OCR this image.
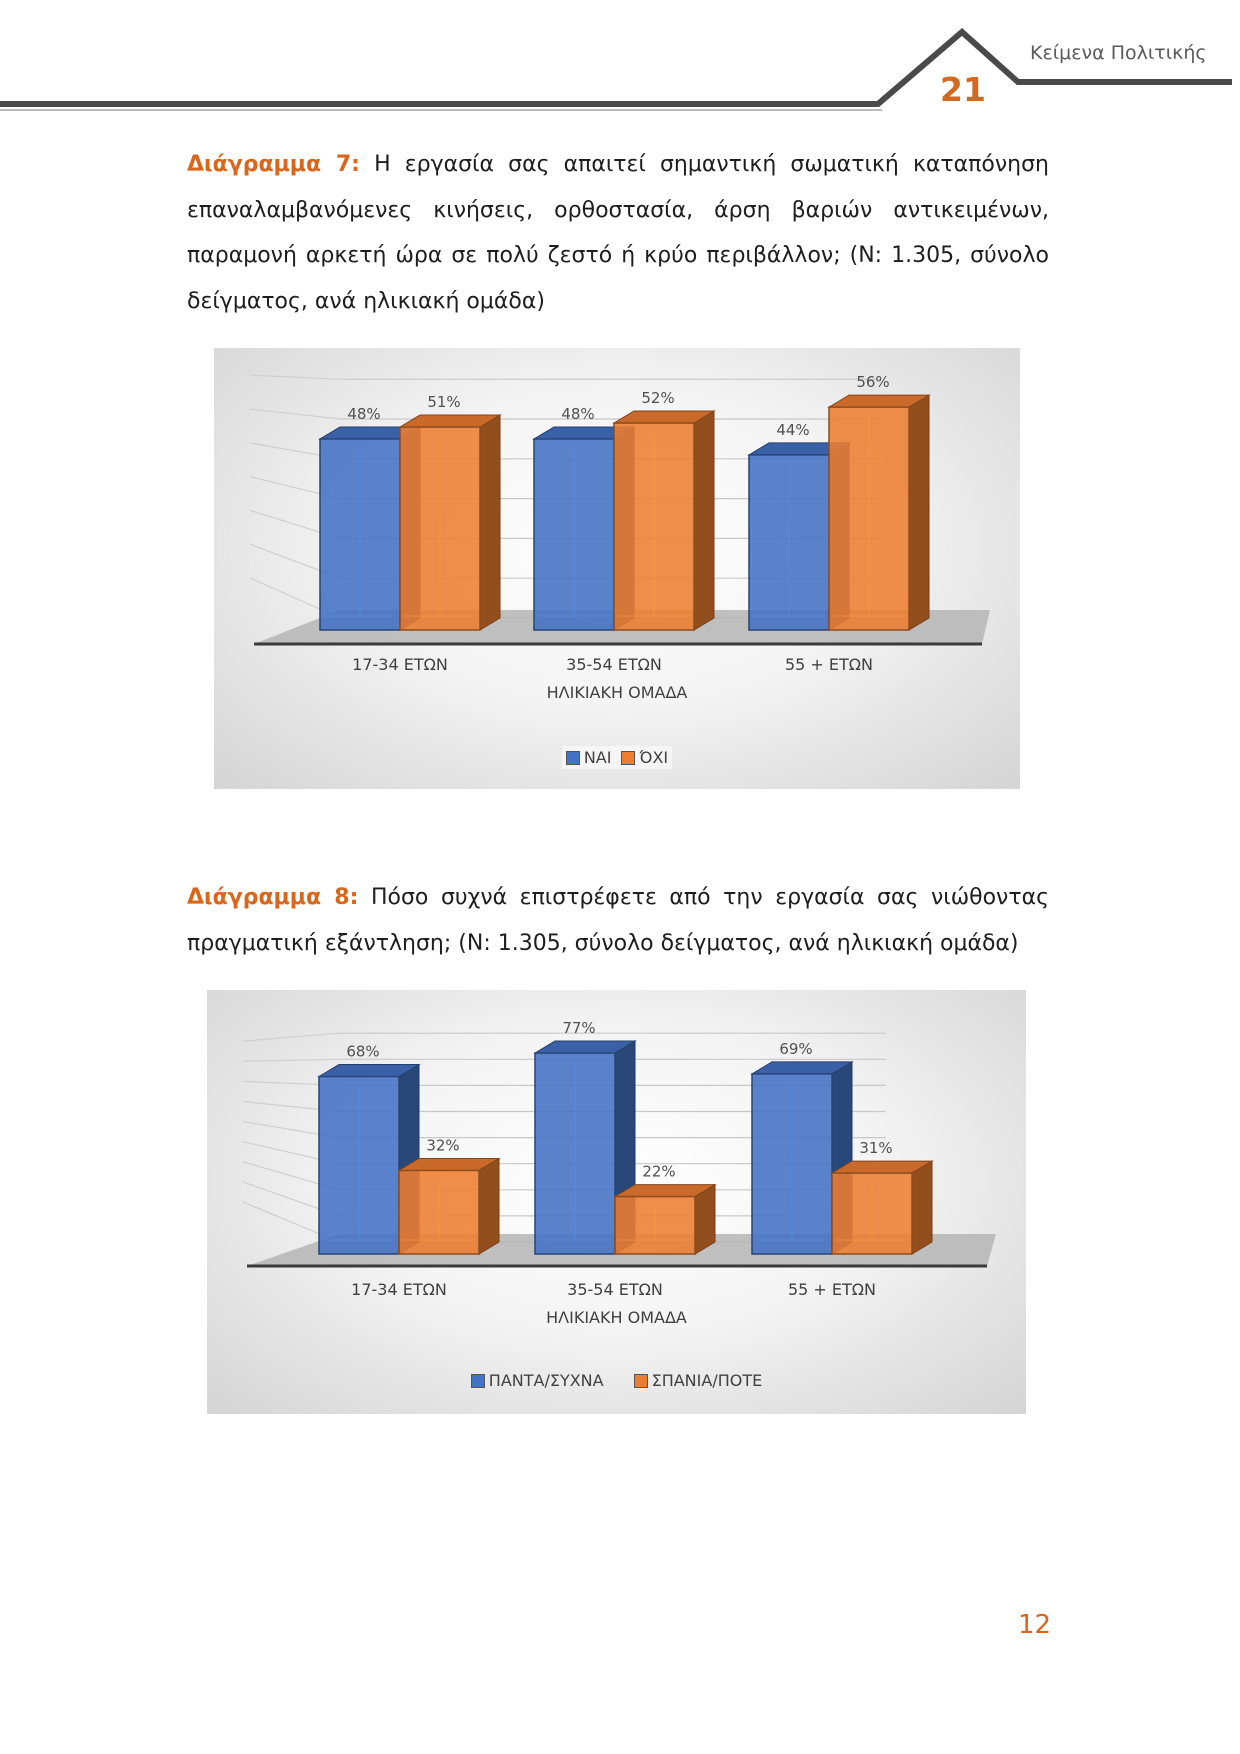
Κείμενα Πολιτικής
21
Διάγραμμα 7: Η εργασία σας απαιτεί σημαντική σωματική καταπόνηση επαναλαμβανόμενες κινήσεις, ορθοστασία, άρση βαριών αντικειμένων, παραμονή αρκετή ώρα σε πολύ ζεστό ή κρύο περιβάλλον; (Ν: 1.305, σύνολο δείγματος, ανά ηλικιακή ομάδα)
48%
51%
17-34 ΕΤΩΝ
48%
52%
35-54 ΕΤΩΝ
44%
56%
55 + ΕΤΩΝ
ΗΛΙΚΙΑΚΗ ΟΜΑΔΑ
ΝΑΙ ΌΧΙ
Διάγραμμα 8: Πόσο συχνά επιστρέφετε από την εργασία σας νιώθοντας πραγματική εξάντληση; (Ν: 1.305, σύνολο δείγματος, ανά ηλικιακή ομάδα)
68%
32%
17-34 ΕΤΩΝ
77%
22%
35-54 ΕΤΩΝ
69%
31%
55 + ΕΤΩΝ
ΗΛΙΚΙΑΚΗ ΟΜΑΔΑ
ΠΑΝΤΑ/ΣΥΧΝΑ	ΣΠΑΝΙΑ/ΠΟΤΕ
12
